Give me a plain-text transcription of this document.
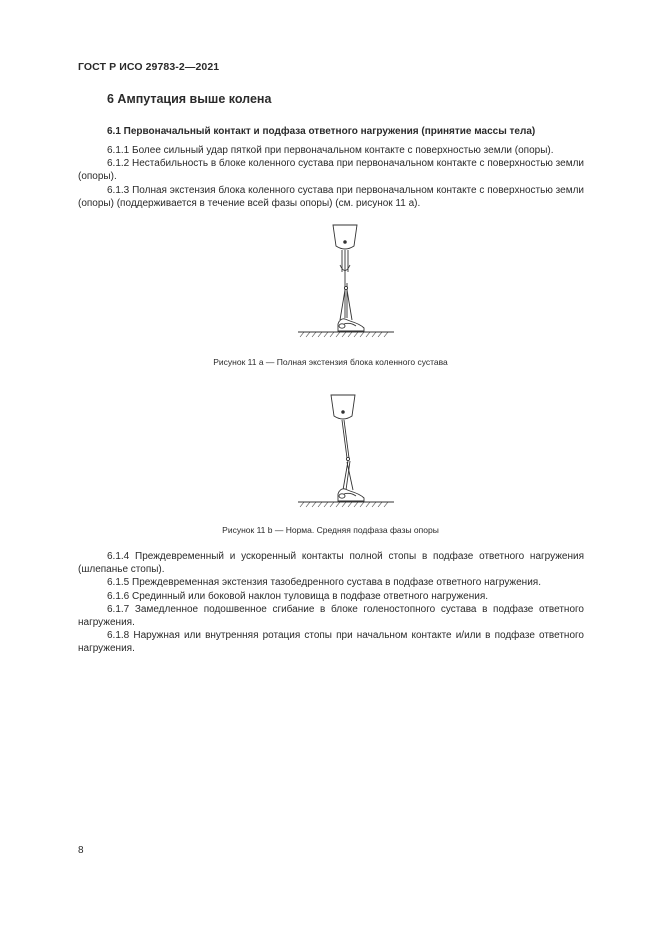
ГОСТ Р ИСО 29783-2—2021
6 Ампутация выше колена
6.1 Первоначальный контакт и подфаза ответного нагружения (принятие массы тела)

6.1.1 Более сильный удар пяткой при первоначальном контакте с поверхностью земли (опоры).

6.1.2 Нестабильность в блоке коленного сустава при первоначальном контакте с поверхностью земли (опоры).

6.1.3 Полная экстензия блока коленного сустава при первоначальном контакте с поверхностью земли (опоры) (поддерживается в течение всей фазы опоры) (см. рисунок 11 а).

Рисунок 11 а — Полная экстензия блока коленного сустава
Рисунок 11 b — Норма. Средняя подфаза фазы опоры

6.1.4 Преждевременный и ускоренный контакты полной стопы в подфазе ответного нагружения (шлепанье стопы).

6.1.5 Преждевременная экстензия тазобедренного сустава в подфазе ответного нагружения.

6.1.6 Срединный или боковой наклон туловища в подфазе ответного нагружения.

6.1.7 Замедленное подошвенное сгибание в блоке голеностопного сустава в подфазе ответного нагружения.

6.1.8 Наружная или внутренняя ротация стопы при начальном контакте и/или в подфазе ответного нагружения.

8
